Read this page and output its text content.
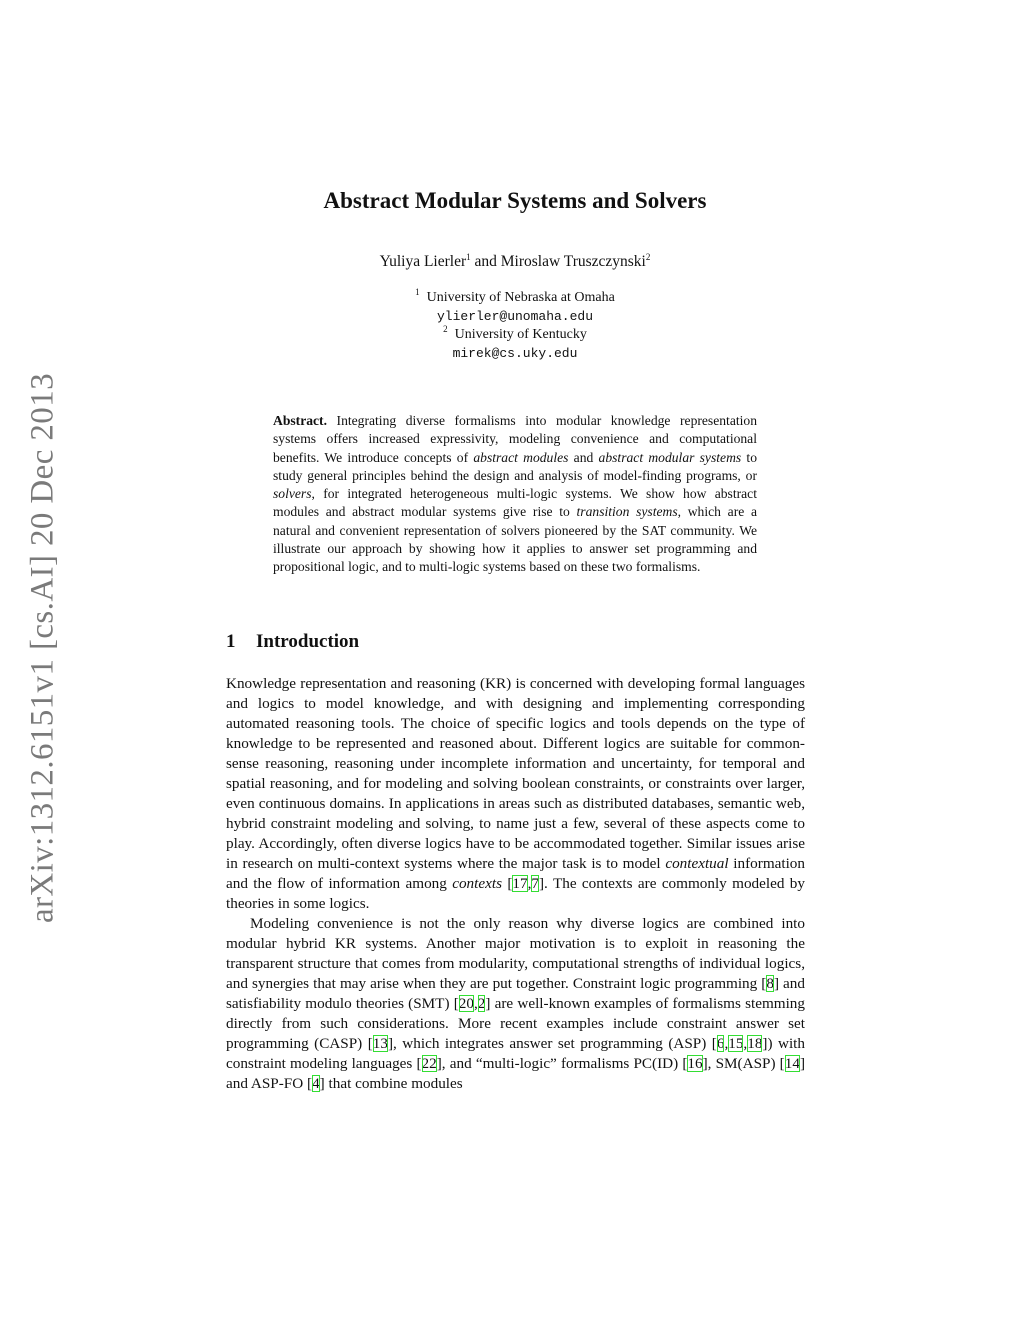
arXiv:1312.6151v1 [cs.AI] 20 Dec 2013
Abstract Modular Systems and Solvers
Yuliya Lierler$^1$ and Miroslaw Truszczynski$^2$
$^1$ University of Nebraska at Omaha
ylierler@unomaha.edu
$^2$ University of Kentucky
mirek@cs.uky.edu

Abstract. Integrating diverse formalisms into modular knowledge representation systems offers increased expressivity, modeling convenience and computational benefits. We introduce concepts of abstract modules and abstract modular systems to study general principles behind the design and analysis of model-finding programs, or solvers, for integrated heterogeneous multi-logic systems. We show how abstract modules and abstract modular systems give rise to transition systems, which are a natural and convenient representation of solvers pioneered by the SAT community. We illustrate our approach by showing how it applies to answer set programming and propositional logic, and to multi-logic systems based on these two formalisms.

1 Introduction

Knowledge representation and reasoning (KR) is concerned with developing formal languages and logics to model knowledge, and with designing and implementing corresponding automated reasoning tools. The choice of specific logics and tools depends on the type of knowledge to be represented and reasoned about. Different logics are suitable for common-sense reasoning, reasoning under incomplete information and uncertainty, for temporal and spatial reasoning, and for modeling and solving boolean constraints, or constraints over larger, even continuous domains. In applications in areas such as distributed databases, semantic web, hybrid constraint modeling and solving, to name just a few, several of these aspects come to play. Accordingly, often diverse logics have to be accommodated together. Similar issues arise in research on multi-context systems where the major task is to model contextual information and the flow of information among contexts [17,7]. The contexts are commonly modeled by theories in some logics.

Modeling convenience is not the only reason why diverse logics are combined into modular hybrid KR systems. Another major motivation is to exploit in reasoning the transparent structure that comes from modularity, computational strengths of individual logics, and synergies that may arise when they are put together. Constraint logic programming [8] and satisfiability modulo theories (SMT) [20,2] are well-known examples of formalisms stemming directly from such considerations. More recent examples include constraint answer set programming (CASP) [13], which integrates answer set programming (ASP) [6,15,18]) with constraint modeling languages [22], and “multi-logic” formalisms PC(ID) [16], SM(ASP) [14] and ASP-FO [4] that combine modules
